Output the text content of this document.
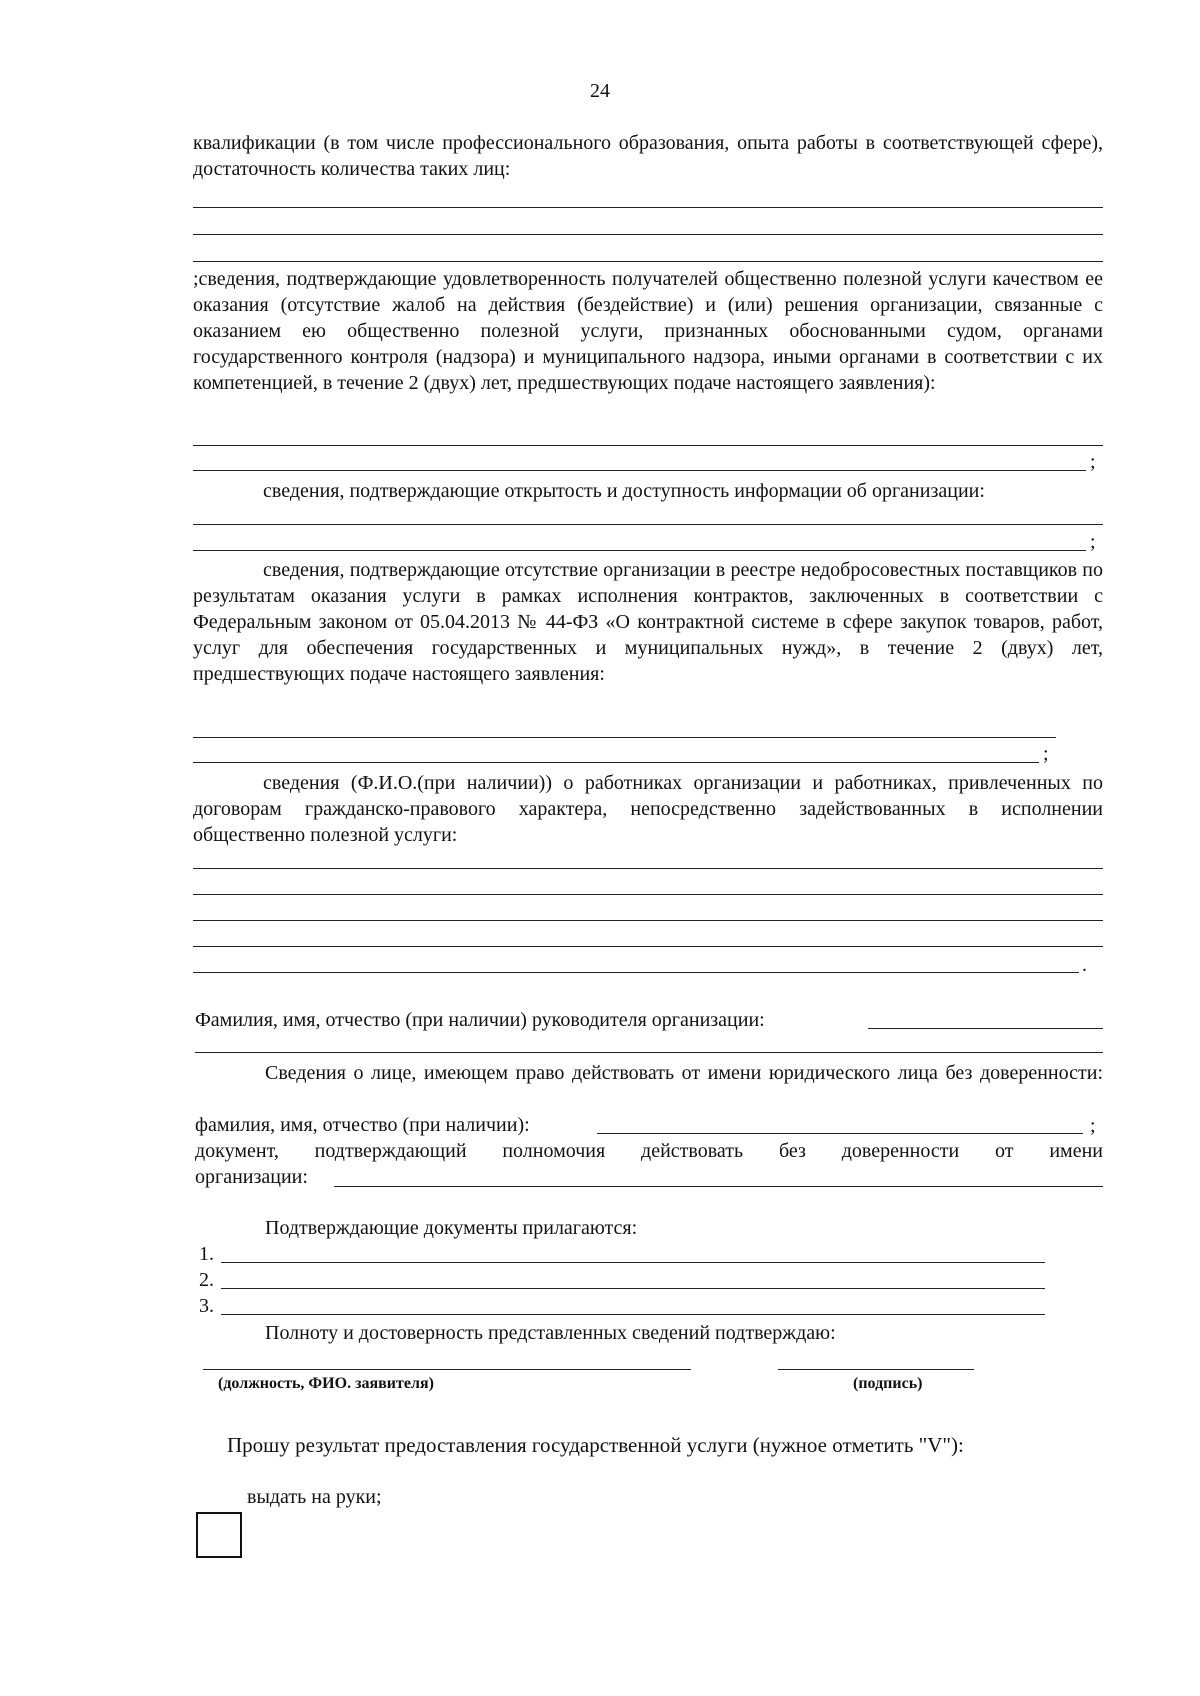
24
квалификации (в том числе профессионального образования, опыта работы в соответствующей сфере), достаточность количества таких лиц:
;сведения, подтверждающие удовлетворенность получателей общественно полезной услуги качеством ее оказания (отсутствие жалоб на действия (бездействие) и (или) решения организации, связанные с оказанием ею общественно полезной услуги, признанных обоснованными судом, органами государственного контроля (надзора) и муниципального надзора, иными органами в соответствии с их компетенцией, в течение 2 (двух) лет, предшествующих подаче настоящего заявления):
;
сведения, подтверждающие открытость и доступность информации об организации:
;
сведения, подтверждающие отсутствие организации в реестре недобросовестных поставщиков по результатам оказания услуги в рамках исполнения контрактов, заключенных в соответствии с Федеральным законом от 05.04.2013 № 44-ФЗ «О контрактной системе в сфере закупок товаров, работ, услуг для обеспечения государственных и муниципальных нужд», в течение 2 (двух) лет, предшествующих подаче настоящего заявления:
;
сведения (Ф.И.О.(при наличии)) о работниках организации и работниках, привлеченных по договорам гражданско-правового характера, непосредственно задействованных в исполнении общественно полезной услуги:
.
Фамилия, имя, отчество (при наличии) руководителя организации:
Сведения о лице, имеющем право действовать от имени юридического лица без доверенности:
фамилия, имя, отчество (при наличии):	;
документ, подтверждающий полномочия действовать без доверенности от имени
организации:
Подтверждающие документы прилагаются:
1.
2.
3.
Полноту и достоверность представленных сведений подтверждаю:
(должность, ФИО. заявителя)	(подпись)
Прошу результат предоставления государственной услуги (нужное отметить "V"):
выдать на руки;
